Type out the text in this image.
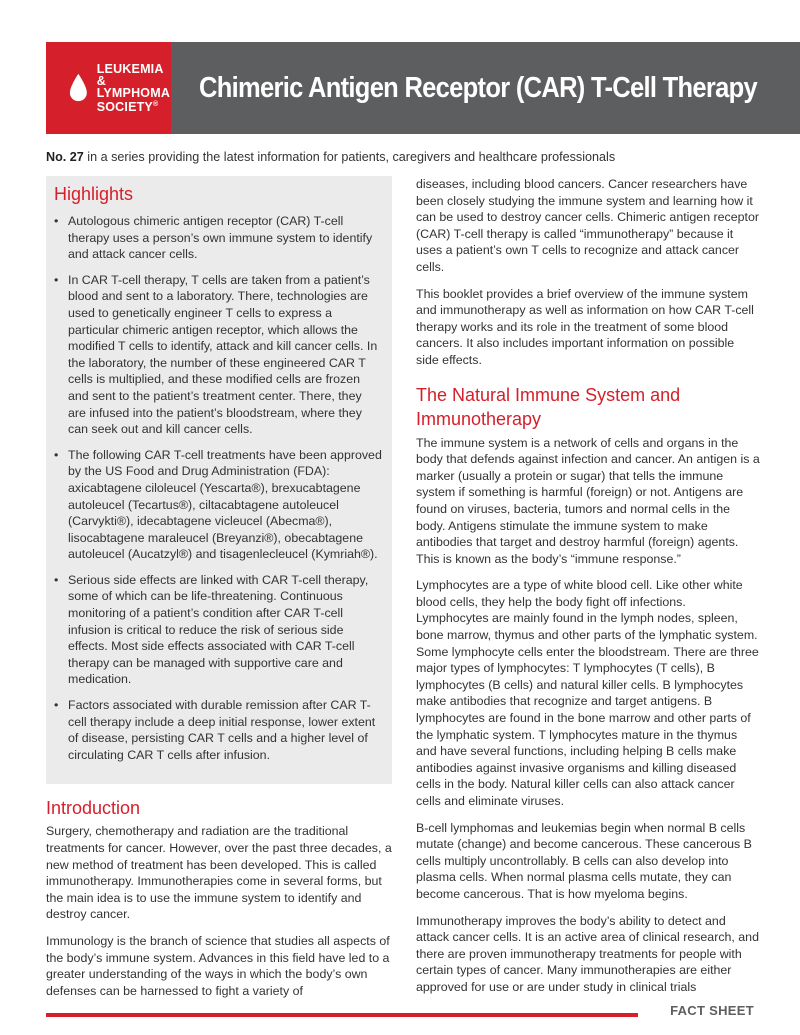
LEUKEMIA &
LYMPHOMA
SOCIETY®
Chimeric Antigen Receptor (CAR) T-Cell Therapy
No. 27 in a series providing the latest information for patients, caregivers and healthcare professionals
Highlights
• Autologous chimeric antigen receptor (CAR) T-cell therapy uses a person’s own immune system to identify and attack cancer cells.
• In CAR T-cell therapy, T cells are taken from a patient’s blood and sent to a laboratory. There, technologies are used to genetically engineer T cells to express a particular chimeric antigen receptor, which allows the modified T cells to identify, attack and kill cancer cells. In the laboratory, the number of these engineered CAR T cells is multiplied, and these modified cells are frozen and sent to the patient’s treatment center. There, they are infused into the patient’s bloodstream, where they can seek out and kill cancer cells.
• The following CAR T-cell treatments have been approved by the US Food and Drug Administration (FDA): axicabtagene ciloleucel (Yescarta®), brexucabtagene autoleucel (Tecartus®), ciltacabtagene autoleucel (Carvykti®), idecabtagene vicleucel (Abecma®), lisocabtagene maraleucel (Breyanzi®), obecabtagene autoleucel (Aucatzyl®) and tisagenlecleucel (Kymriah®).
• Serious side effects are linked with CAR T-cell therapy, some of which can be life-threatening. Continuous monitoring of a patient’s condition after CAR T-cell infusion is critical to reduce the risk of serious side effects. Most side effects associated with CAR T-cell therapy can be managed with supportive care and medication.
• Factors associated with durable remission after CAR T-cell therapy include a deep initial response, lower extent of disease, persisting CAR T cells and a higher level of circulating CAR T cells after infusion.
Introduction

Surgery, chemotherapy and radiation are the traditional treatments for cancer. However, over the past three decades, a new method of treatment has been developed. This is called immunotherapy. Immunotherapies come in several forms, but the main idea is to use the immune system to identify and destroy cancer.

Immunology is the branch of science that studies all aspects of the body’s immune system. Advances in this field have led to a greater understanding of the ways in which the body’s own defenses can be harnessed to fight a variety of

diseases, including blood cancers. Cancer researchers have been closely studying the immune system and learning how it can be used to destroy cancer cells. Chimeric antigen receptor (CAR) T-cell therapy is called “immunotherapy” because it uses a patient’s own T cells to recognize and attack cancer cells.

This booklet provides a brief overview of the immune system and immunotherapy as well as information on how CAR T-cell therapy works and its role in the treatment of some blood cancers. It also includes important information on possible side effects.

The Natural Immune System and Immunotherapy

The immune system is a network of cells and organs in the body that defends against infection and cancer. An antigen is a marker (usually a protein or sugar) that tells the immune system if something is harmful (foreign) or not. Antigens are found on viruses, bacteria, tumors and normal cells in the body. Antigens stimulate the immune system to make antibodies that target and destroy harmful (foreign) agents. This is known as the body’s “immune response.”

Lymphocytes are a type of white blood cell. Like other white blood cells, they help the body fight off infections. Lymphocytes are mainly found in the lymph nodes, spleen, bone marrow, thymus and other parts of the lymphatic system. Some lymphocyte cells enter the bloodstream. There are three major types of lymphocytes: T lymphocytes (T cells), B lymphocytes (B cells) and natural killer cells. B lymphocytes make antibodies that recognize and target antigens. B lymphocytes are found in the bone marrow and other parts of the lymphatic system. T lymphocytes mature in the thymus and have several functions, including helping B cells make antibodies against invasive organisms and killing diseased cells in the body. Natural killer cells can also attack cancer cells and eliminate viruses.

B-cell lymphomas and leukemias begin when normal B cells mutate (change) and become cancerous. These cancerous B cells multiply uncontrollably. B cells can also develop into plasma cells. When normal plasma cells mutate, they can become cancerous. That is how myeloma begins.

Immunotherapy improves the body’s ability to detect and attack cancer cells. It is an active area of clinical research, and there are proven immunotherapy treatments for people with certain types of cancer. Many immunotherapies are either approved for use or are under study in clinical trials

FACT SHEET
